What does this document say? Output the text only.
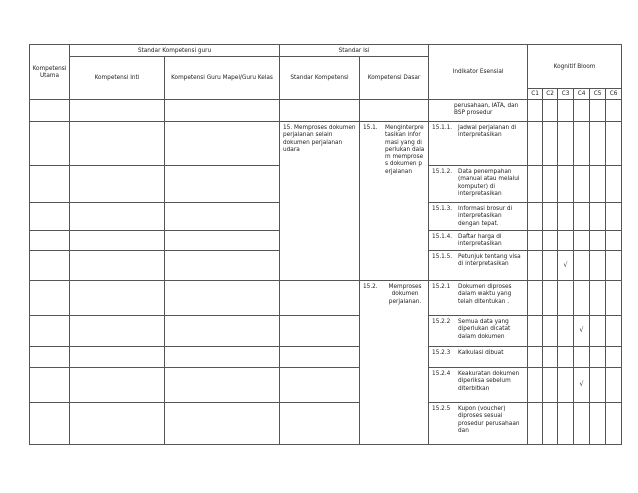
Kompetensi Utama	Standar Kompetensi guru		Standar Isi		Indikator Esensial	Kognitif Bloom					
	Kompetensi Inti	Kompetensi Guru Mapel/Guru Kelas	Standar Kompetensi	Kompetensi Dasar							
						C1	C2	C3	C4	C5	C6
					perusahaan, IATA, dan BSP prosedur						
			15. Memproses dokumen perjalanan selain dokumen perjalanan udara	15.1. Menginterpretasikan informasi yang diperlukan dalam memproses dokumen perjalanan	15.1.1. Jadwal perjalanan di interpretasikan						

					15.1.2. Data penempahan (manual atau melalui komputer) di interpretasikan						

					15.1.3. Informasi brosur di interpretasikan dengan tepat.						

					15.1.4. Daftar harga di interpretasikan						

					15.1.5. Petunjuk tentang visa di interpretasikan			√			

				15.2. Memproses dokumen perjalanan.	15.2.1 Dokumen diproses dalam waktu yang telah ditentukan .						

					15.2.2 Semua data yang diperlukan dicatat dalam dokumen				√		

					15.2.3 Kalkulasi dibuat						

					15.2.4 Keakuratan dokumen diperiksa sebelum diterbitkan				√		

					15.2.5 Kupon (voucher) diproses sesuai prosedur perusahaan dan						
